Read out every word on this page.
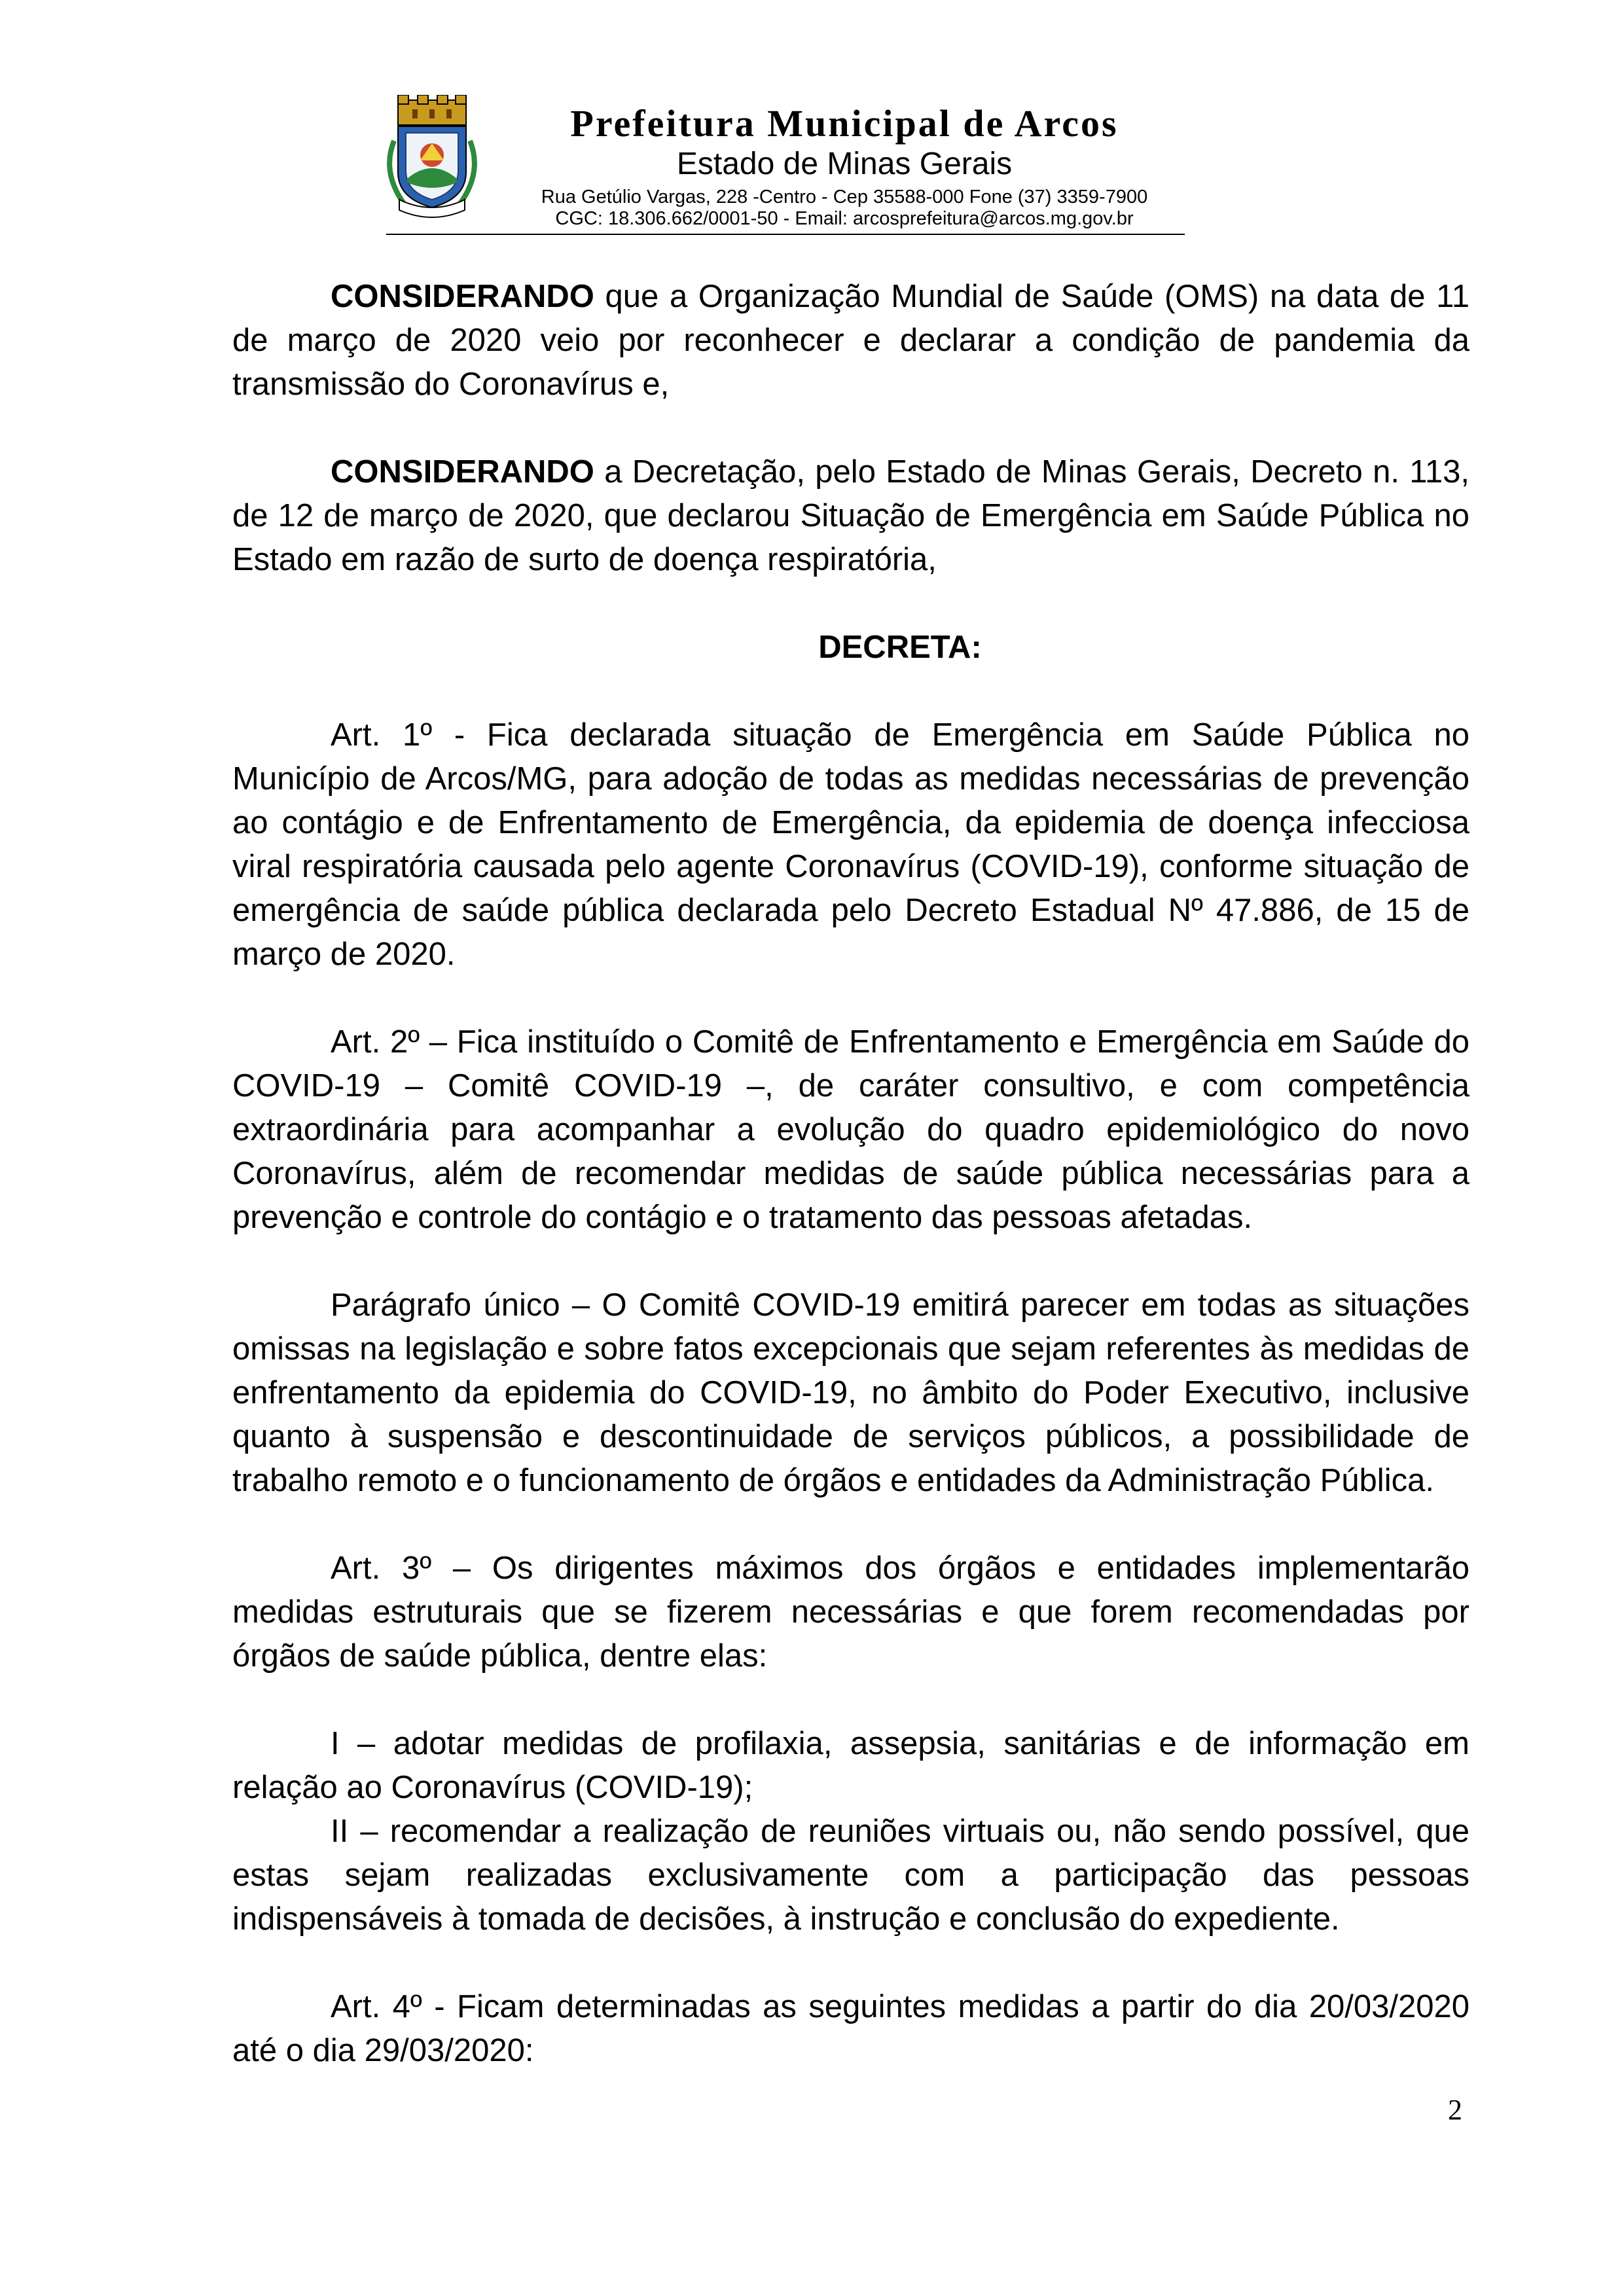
Prefeitura Municipal de Arcos
Estado de Minas Gerais
Rua Getúlio Vargas, 228 -Centro - Cep 35588-000 Fone (37) 3359-7900
CGC: 18.306.662/0001-50 - Email: arcosprefeitura@arcos.mg.gov.br

CONSIDERANDO que a Organização Mundial de Saúde (OMS) na data de 11 de março de 2020 veio por reconhecer e declarar a condição de pandemia da transmissão do Coronavírus e,

CONSIDERANDO a Decretação, pelo Estado de Minas Gerais, Decreto n. 113, de 12 de março de 2020, que declarou Situação de Emergência em Saúde Pública no Estado em razão de surto de doença respiratória,

DECRETA:

Art. 1º - Fica declarada situação de Emergência em Saúde Pública no Município de Arcos/MG, para adoção de todas as medidas necessárias de prevenção ao contágio e de Enfrentamento de Emergência, da epidemia de doença infecciosa viral respiratória causada pelo agente Coronavírus (COVID-19), conforme situação de emergência de saúde pública declarada pelo Decreto Estadual Nº 47.886, de 15 de março de 2020.

Art. 2º – Fica instituído o Comitê de Enfrentamento e Emergência em Saúde do COVID-19 – Comitê COVID-19 –, de caráter consultivo, e com competência extraordinária para acompanhar a evolução do quadro epidemiológico do novo Coronavírus, além de recomendar medidas de saúde pública necessárias para a prevenção e controle do contágio e o tratamento das pessoas afetadas.

Parágrafo único – O Comitê COVID-19 emitirá parecer em todas as situações omissas na legislação e sobre fatos excepcionais que sejam referentes às medidas de enfrentamento da epidemia do COVID-19, no âmbito do Poder Executivo, inclusive quanto à suspensão e descontinuidade de serviços públicos, a possibilidade de trabalho remoto e o funcionamento de órgãos e entidades da Administração Pública.

Art. 3º – Os dirigentes máximos dos órgãos e entidades implementarão medidas estruturais que se fizerem necessárias e que forem recomendadas por órgãos de saúde pública, dentre elas:

I – adotar medidas de profilaxia, assepsia, sanitárias e de informação em relação ao Coronavírus (COVID-19);

II – recomendar a realização de reuniões virtuais ou, não sendo possível, que estas sejam realizadas exclusivamente com a participação das pessoas indispensáveis à tomada de decisões, à instrução e conclusão do expediente.

Art. 4º - Ficam determinadas as seguintes medidas a partir do dia 20/03/2020 até o dia 29/03/2020:

2
